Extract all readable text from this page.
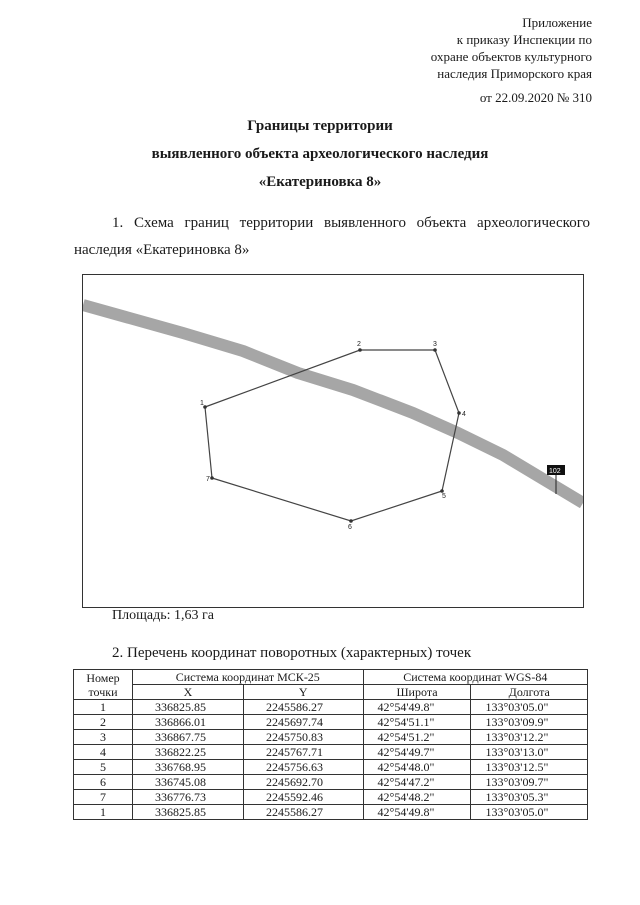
Приложение
к приказу Инспекции по
охране объектов культурного
наследия Приморского края
от 22.09.2020 № 310
Границы территории
выявленного объекта археологического наследия
«Екатериновка 8»
1. Схема границ территории выявленного объекта археологического наследия «Екатериновка 8»
1
2	3
4
5
6
7
102
Площадь: 1,63 га
2. Перечень координат поворотных (характерных) точек
Номер
точки	Система координат МСК-25		Система координат WGS-84	
	X	Y	Широта	Долгота
1	336825.85	2245586.27	42°54'49.8"	133°03'05.0"
2	336866.01	2245697.74	42°54'51.1"	133°03'09.9"
3	336867.75	2245750.83	42°54'51.2"	133°03'12.2"
4	336822.25	2245767.71	42°54'49.7"	133°03'13.0"
5	336768.95	2245756.63	42°54'48.0"	133°03'12.5"
6	336745.08	2245692.70	42°54'47.2"	133°03'09.7"
7	336776.73	2245592.46	42°54'48.2"	133°03'05.3"
1	336825.85	2245586.27	42°54'49.8"	133°03'05.0"
